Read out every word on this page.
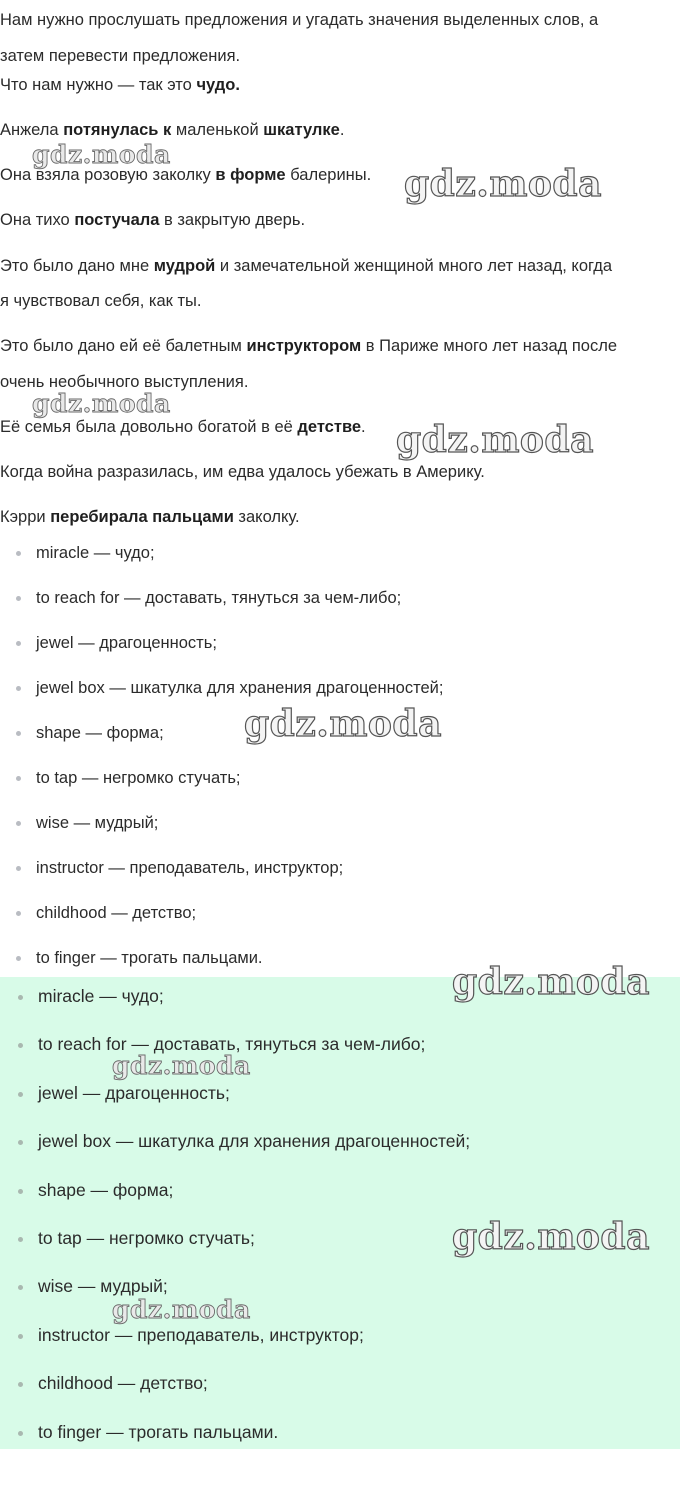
Нам нужно прослушать предложения и угадать значения выделенных слов, а

затем перевести предложения.

Что нам нужно — так это чудо.

Анжела потянулась к маленькой шкатулке.

Она взяла розовую заколку в форме балерины.

Она тихо постучала в закрытую дверь.

Это было дано мне мудрой и замечательной женщиной много лет назад, когда

я чувствовал себя, как ты.

Это было дано ей её балетным инструктором в Париже много лет назад после

очень необычного выступления.

Её семья была довольно богатой в её детстве.

Когда война разразилась, им едва удалось убежать в Америку.

Кэрри перебирала пальцами заколку.

miracle — чудо;
to reach for — доставать, тянуться за чем-либо;
jewel — драгоценность;
jewel box — шкатулка для хранения драгоценностей;
shape — форма;
to tap — негромко стучать;
wise — мудрый;
instructor — преподаватель, инструктор;
childhood — детство;
to finger — трогать пальцами.
miracle — чудо;
to reach for — доставать, тянуться за чем-либо;
jewel — драгоценность;
jewel box — шкатулка для хранения драгоценностей;
shape — форма;
to tap — негромко стучать;
wise — мудрый;
instructor — преподаватель, инструктор;
childhood — детство;
to finger — трогать пальцами.
gdz.moda
gdz.moda
gdz.moda
gdz.moda
gdz.moda
gdz.moda
gdz.moda
gdz.moda
gdz.moda
